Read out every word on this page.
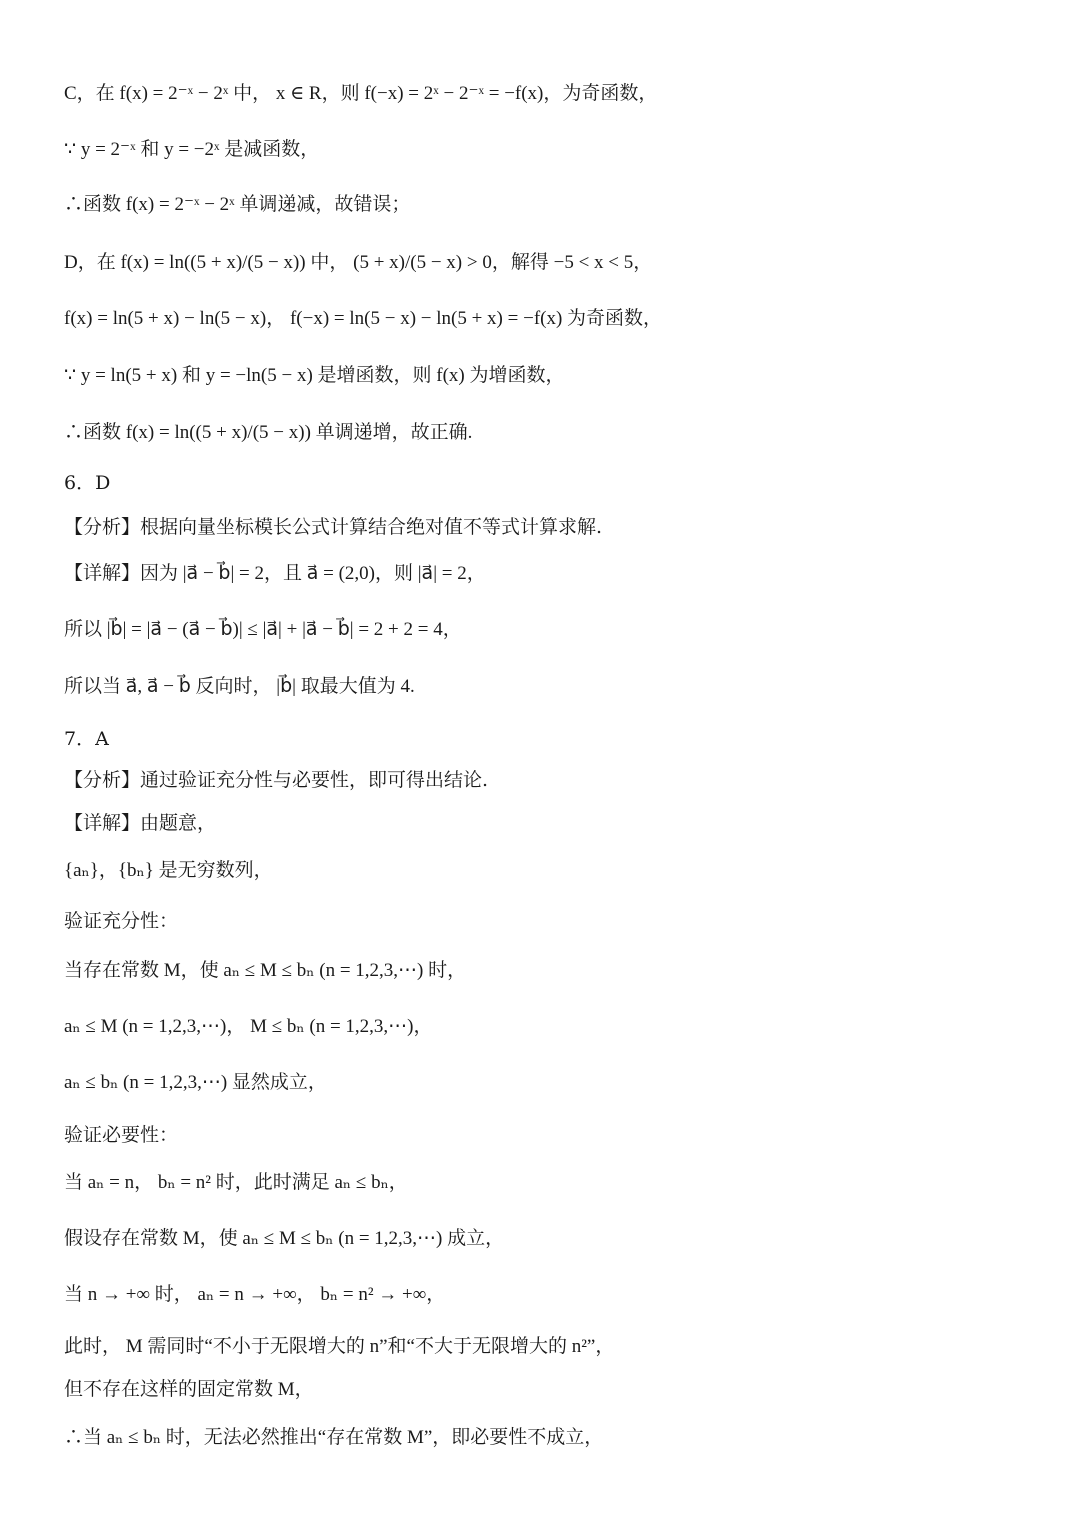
C，在 f(x) = 2⁻ˣ − 2ˣ 中， x ∈ R，则 f(−x) = 2ˣ − 2⁻ˣ = −f(x)，为奇函数，
∵ y = 2⁻ˣ 和 y = −2ˣ 是减函数，
∴函数 f(x) = 2⁻ˣ − 2ˣ 单调递减，故错误；
D，在 f(x) = ln((5 + x)/(5 − x)) 中， (5 + x)/(5 − x) > 0，解得 −5 < x < 5，
f(x) = ln(5 + x) − ln(5 − x)， f(−x) = ln(5 − x) − ln(5 + x) = −f(x) 为奇函数，
∵ y = ln(5 + x) 和 y = −ln(5 − x) 是增函数，则 f(x) 为增函数，
∴函数 f(x) = ln((5 + x)/(5 − x)) 单调递增，故正确.
6．D
【分析】根据向量坐标模长公式计算结合绝对值不等式计算求解.
【详解】因为 |a⃗ − b⃗| = 2，且 a⃗ = (2,0)，则 |a⃗| = 2，
所以 |b⃗| = |a⃗ − (a⃗ − b⃗)| ≤ |a⃗| + |a⃗ − b⃗| = 2 + 2 = 4，
所以当 a⃗, a⃗ − b⃗ 反向时， |b⃗| 取最大值为 4.
7．A
【分析】通过验证充分性与必要性，即可得出结论.
【详解】由题意，
{aₙ}，{bₙ} 是无穷数列，
验证充分性：
当存在常数 M，使 aₙ ≤ M ≤ bₙ (n = 1,2,3,⋯) 时，
aₙ ≤ M (n = 1,2,3,⋯)， M ≤ bₙ (n = 1,2,3,⋯)，
aₙ ≤ bₙ (n = 1,2,3,⋯) 显然成立，
验证必要性：
当 aₙ = n， bₙ = n² 时，此时满足 aₙ ≤ bₙ，
假设存在常数 M，使 aₙ ≤ M ≤ bₙ (n = 1,2,3,⋯) 成立，
当 n → +∞ 时， aₙ = n → +∞， bₙ = n² → +∞，
此时， M 需同时“不小于无限增大的 n”和“不大于无限增大的 n²”，
但不存在这样的固定常数 M，
∴当 aₙ ≤ bₙ 时，无法必然推出“存在常数 M”，即必要性不成立，
